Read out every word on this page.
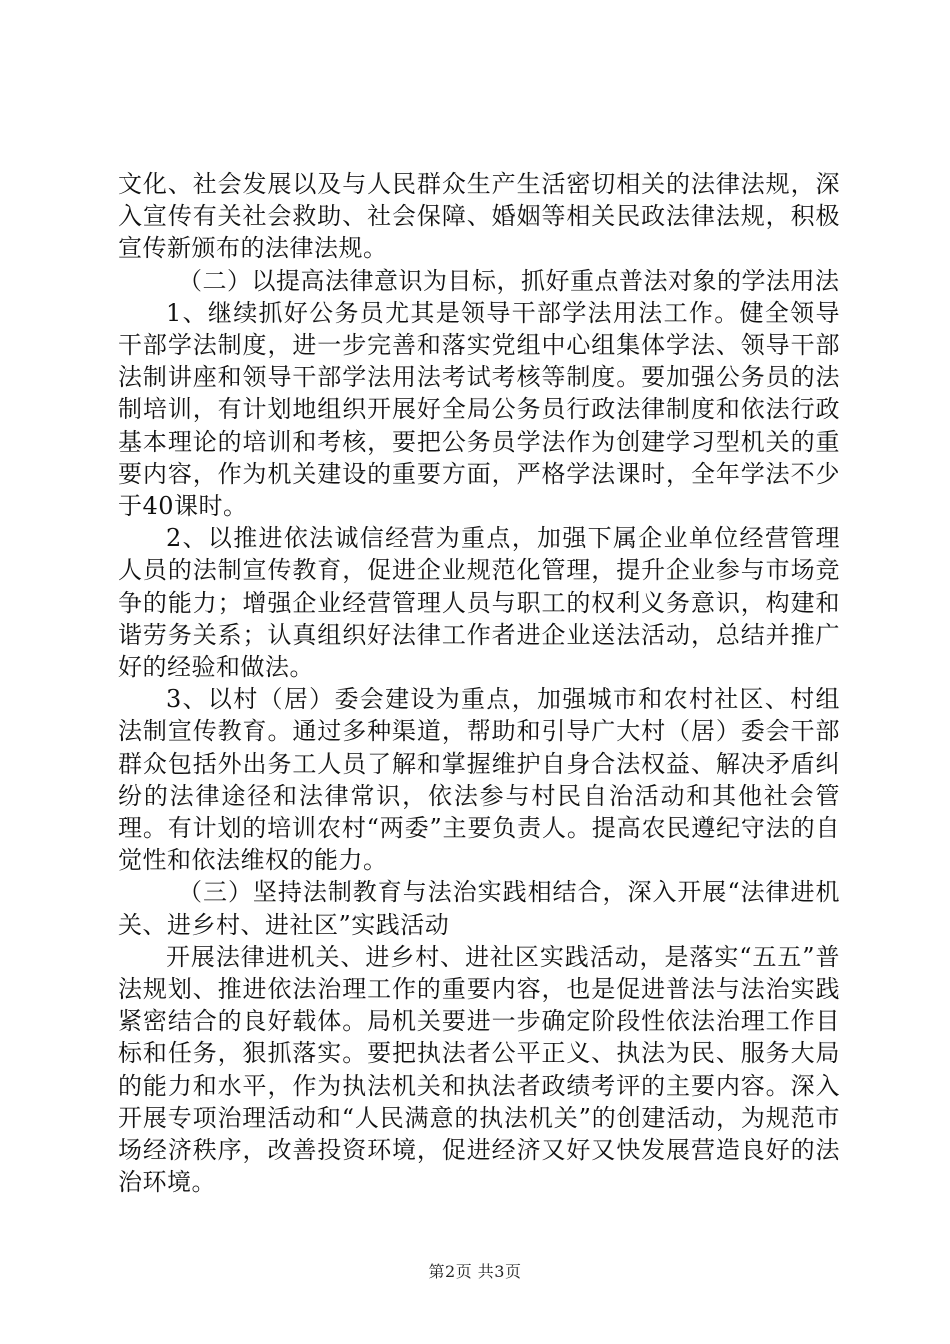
文化、社会发展以及与人民群众生产生活密切相关的法律法规，深入宣传有关社会救助、社会保障、婚姻等相关民政法律法规，积极宣传新颁布的法律法规。

（二）以提高法律意识为目标，抓好重点普法对象的学法用法

1、继续抓好公务员尤其是领导干部学法用法工作。健全领导干部学法制度，进一步完善和落实党组中心组集体学法、领导干部法制讲座和领导干部学法用法考试考核等制度。要加强公务员的法制培训，有计划地组织开展好全局公务员行政法律制度和依法行政基本理论的培训和考核，要把公务员学法作为创建学习型机关的重要内容，作为机关建设的重要方面，严格学法课时，全年学法不少于40课时。

2、以推进依法诚信经营为重点，加强下属企业单位经营管理人员的法制宣传教育，促进企业规范化管理，提升企业参与市场竞争的能力；增强企业经营管理人员与职工的权利义务意识，构建和谐劳务关系；认真组织好法律工作者进企业送法活动，总结并推广好的经验和做法。

3、以村（居）委会建设为重点，加强城市和农村社区、村组法制宣传教育。通过多种渠道，帮助和引导广大村（居）委会干部群众包括外出务工人员了解和掌握维护自身合法权益、解决矛盾纠纷的法律途径和法律常识，依法参与村民自治活动和其他社会管理。有计划的培训农村“两委”主要负责人。提高农民遵纪守法的自觉性和依法维权的能力。

（三）坚持法制教育与法治实践相结合，深入开展“法律进机关、进乡村、进社区”实践活动

开展法律进机关、进乡村、进社区实践活动，是落实“五五”普法规划、推进依法治理工作的重要内容，也是促进普法与法治实践紧密结合的良好载体。局机关要进一步确定阶段性依法治理工作目标和任务，狠抓落实。要把执法者公平正义、执法为民、服务大局的能力和水平，作为执法机关和执法者政绩考评的主要内容。深入开展专项治理活动和“人民满意的执法机关”的创建活动，为规范市场经济秩序，改善投资环境，促进经济又好又快发展营造良好的法治环境。

第2页 共3页
